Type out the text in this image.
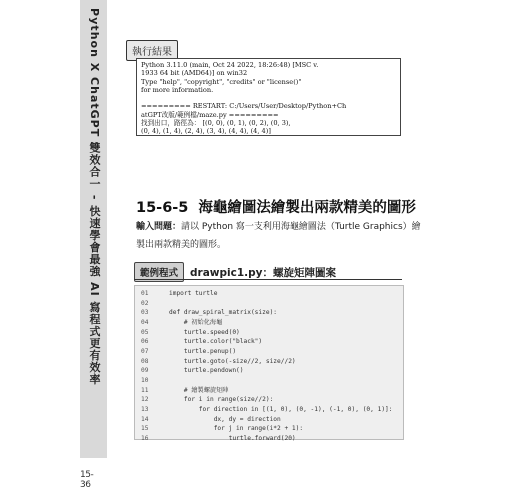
Python X ChatGPT 雙效合一 - 快速學會最強 AI 寫程式更有效率
15-36
執行結果
Python 3.11.0 (main, Oct 24 2022, 18:26:48) [MSC v.
1933 64 bit (AMD64)] on win32
Type "help", "copyright", "credits" or "license()"
for more information.

========= RESTART: C:/Users/User/Desktop/Python+Ch
atGPT改版/範例檔/maze.py =========
找到出口，路徑為： [(0, 0), (0, 1), (0, 2), (0, 3),
(0, 4), (1, 4), (2, 4), (3, 4), (4, 4), (4, 4)]
15-6-5 海龜繪圖法繪製出兩款精美的圖形
輸入問題：請以 Python 寫一支利用海龜繪圖法（Turtle Graphics）繪製出兩款精美的圖形。
範例程式	drawpic1.py：螺旋矩陣圖案
01	import turtle
02
03	def draw_spiral_matrix(size):
04	# 初始化海龜
05	turtle.speed(0)
06	turtle.color("black")
07	turtle.penup()
08	turtle.goto(-size//2, size//2)
09	turtle.pendown()
10
11	# 繪製螺旋矩陣
12	for i in range(size//2):
13	for direction in [(1, 0), (0, -1), (-1, 0), (0, 1)]:
14	dx, dy = direction
15	for j in range(i*2 + 1):
16	turtle.forward(20)
